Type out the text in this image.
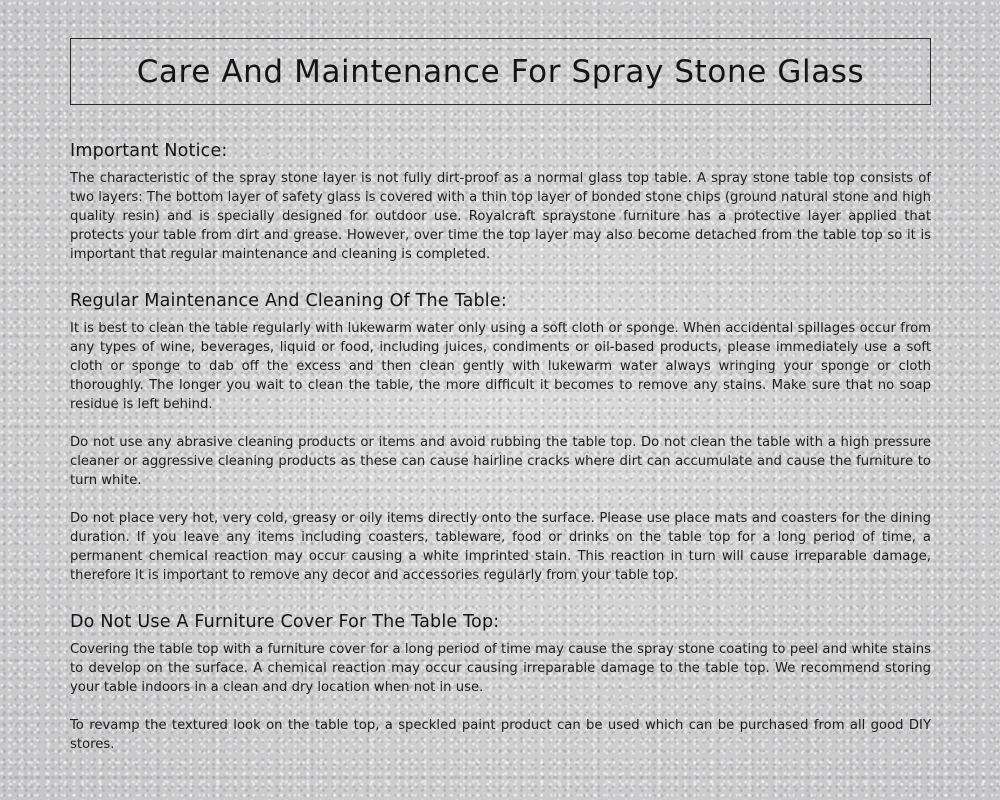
Care And Maintenance For Spray Stone Glass
Important Notice:

The characteristic of the spray stone layer is not fully dirt-proof as a normal glass top table. A spray stone table top consists of two layers: The bottom layer of safety glass is covered with a thin top layer of bonded stone chips (ground natural stone and high quality resin) and is specially designed for outdoor use. Royalcraft spraystone furniture has a protective layer applied that protects your table from dirt and grease. However, over time the top layer may also become detached from the table top so it is important that regular maintenance and cleaning is completed.

Regular Maintenance And Cleaning Of The Table:

It is best to clean the table regularly with lukewarm water only using a soft cloth or sponge. When accidental spillages occur from any types of wine, beverages, liquid or food, including juices, condiments or oil-based products, please immediately use a soft cloth or sponge to dab off the excess and then clean gently with lukewarm water always wringing your sponge or cloth thoroughly. The longer you wait to clean the table, the more difficult it becomes to remove any stains. Make sure that no soap residue is left behind.

Do not use any abrasive cleaning products or items and avoid rubbing the table top. Do not clean the table with a high pressure cleaner or aggressive cleaning products as these can cause hairline cracks where dirt can accumulate and cause the furniture to turn white.

Do not place very hot, very cold, greasy or oily items directly onto the surface. Please use place mats and coasters for the dining duration. If you leave any items including coasters, tableware, food or drinks on the table top for a long period of time, a permanent chemical reaction may occur causing a white imprinted stain. This reaction in turn will cause irreparable damage, therefore it is important to remove any decor and accessories regularly from your table top.

Do Not Use A Furniture Cover For The Table Top:

Covering the table top with a furniture cover for a long period of time may cause the spray stone coating to peel and white stains to develop on the surface. A chemical reaction may occur causing irreparable damage to the table top. We recommend storing your table indoors in a clean and dry location when not in use.

To revamp the textured look on the table top, a speckled paint product can be used which can be purchased from all good DIY stores.
